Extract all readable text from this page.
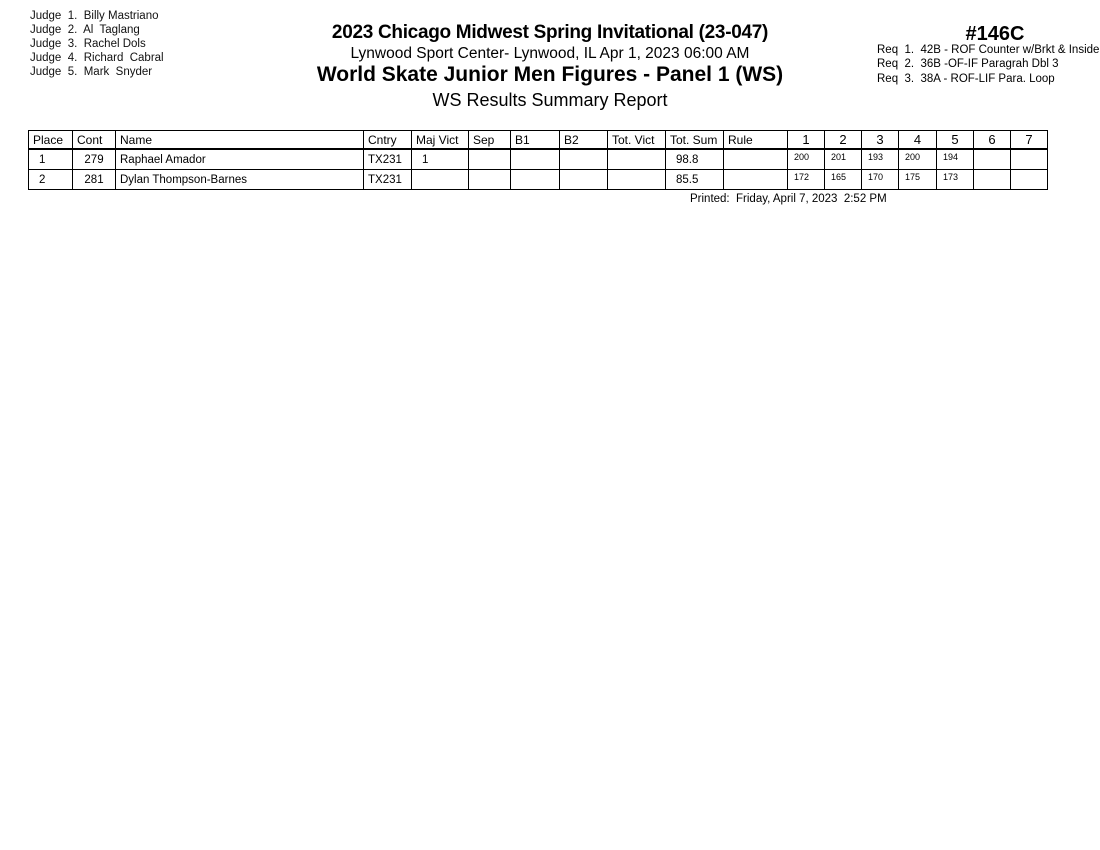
Judge  1. Billy Mastriano
Judge  2. Al  Taglang
Judge  3. Rachel Dols
Judge  4. Richard  Cabral
Judge  5. Mark  Snyder
2023 Chicago Midwest Spring Invitational (23-047)
Lynwood Sport Center- Lynwood, IL Apr 1, 2023 06:00 AM
World Skate Junior Men Figures - Panel 1 (WS)
WS Results Summary Report
#146C
Req  1. 42B - ROF Counter w/Brkt & Inside
Req  2. 36B -OF-IF Paragrah Dbl 3
Req  3. 38A - ROF-LIF Para. Loop
Place	Cont	Name	Cntry	Maj Vict	Sep	B1	B2	Tot. Vict	Tot. Sum	Rule	1	2	3	4	5	6	7
1	279	Raphael Amador	TX231	1					98.8		200	201	193	200	194		
2	281	Dylan Thompson-Barnes	TX231						85.5		172	165	170	175	173		
Printed:  Friday, April 7, 2023  2:52 PM
